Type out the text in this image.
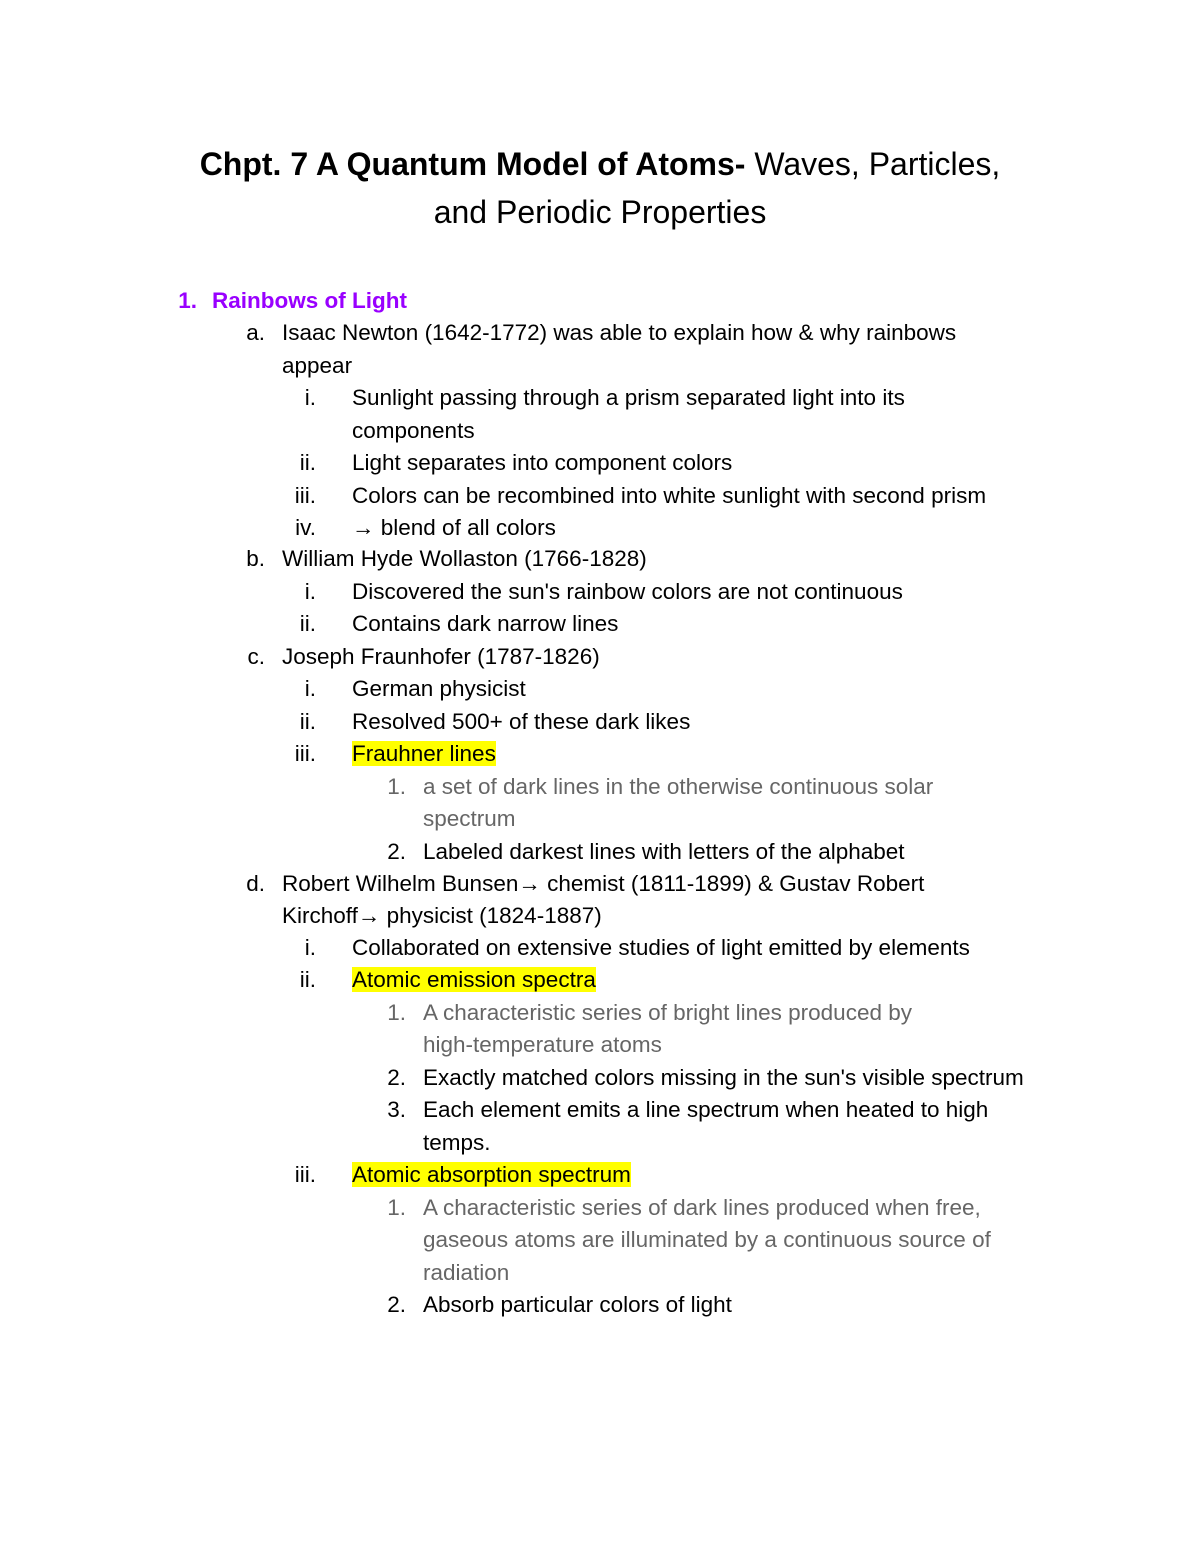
Chpt. 7 A Quantum Model of Atoms- Waves, Particles,
and Periodic Properties
1. Rainbows of Light
a. Isaac Newton (1642-1772) was able to explain how & why rainbows
appear
i. Sunlight passing through a prism separated light into its
components
ii. Light separates into component colors
iii. Colors can be recombined into white sunlight with second prism
iv. → blend of all colors
b. William Hyde Wollaston (1766-1828)
i. Discovered the sun's rainbow colors are not continuous
ii. Contains dark narrow lines
c. Joseph Fraunhofer (1787-1826)
i. German physicist
ii. Resolved 500+ of these dark likes
iii. Frauhner lines
1. a set of dark lines in the otherwise continuous solar
spectrum
2. Labeled darkest lines with letters of the alphabet
d. Robert Wilhelm Bunsen→ chemist (1811-1899) & Gustav Robert
Kirchoff→ physicist (1824-1887)
i. Collaborated on extensive studies of light emitted by elements
ii. Atomic emission spectra
1. A characteristic series of bright lines produced by
high-temperature atoms
2. Exactly matched colors missing in the sun's visible spectrum
3. Each element emits a line spectrum when heated to high
temps.
iii. Atomic absorption spectrum
1. A characteristic series of dark lines produced when free,
gaseous atoms are illuminated by a continuous source of
radiation
2. Absorb particular colors of light
